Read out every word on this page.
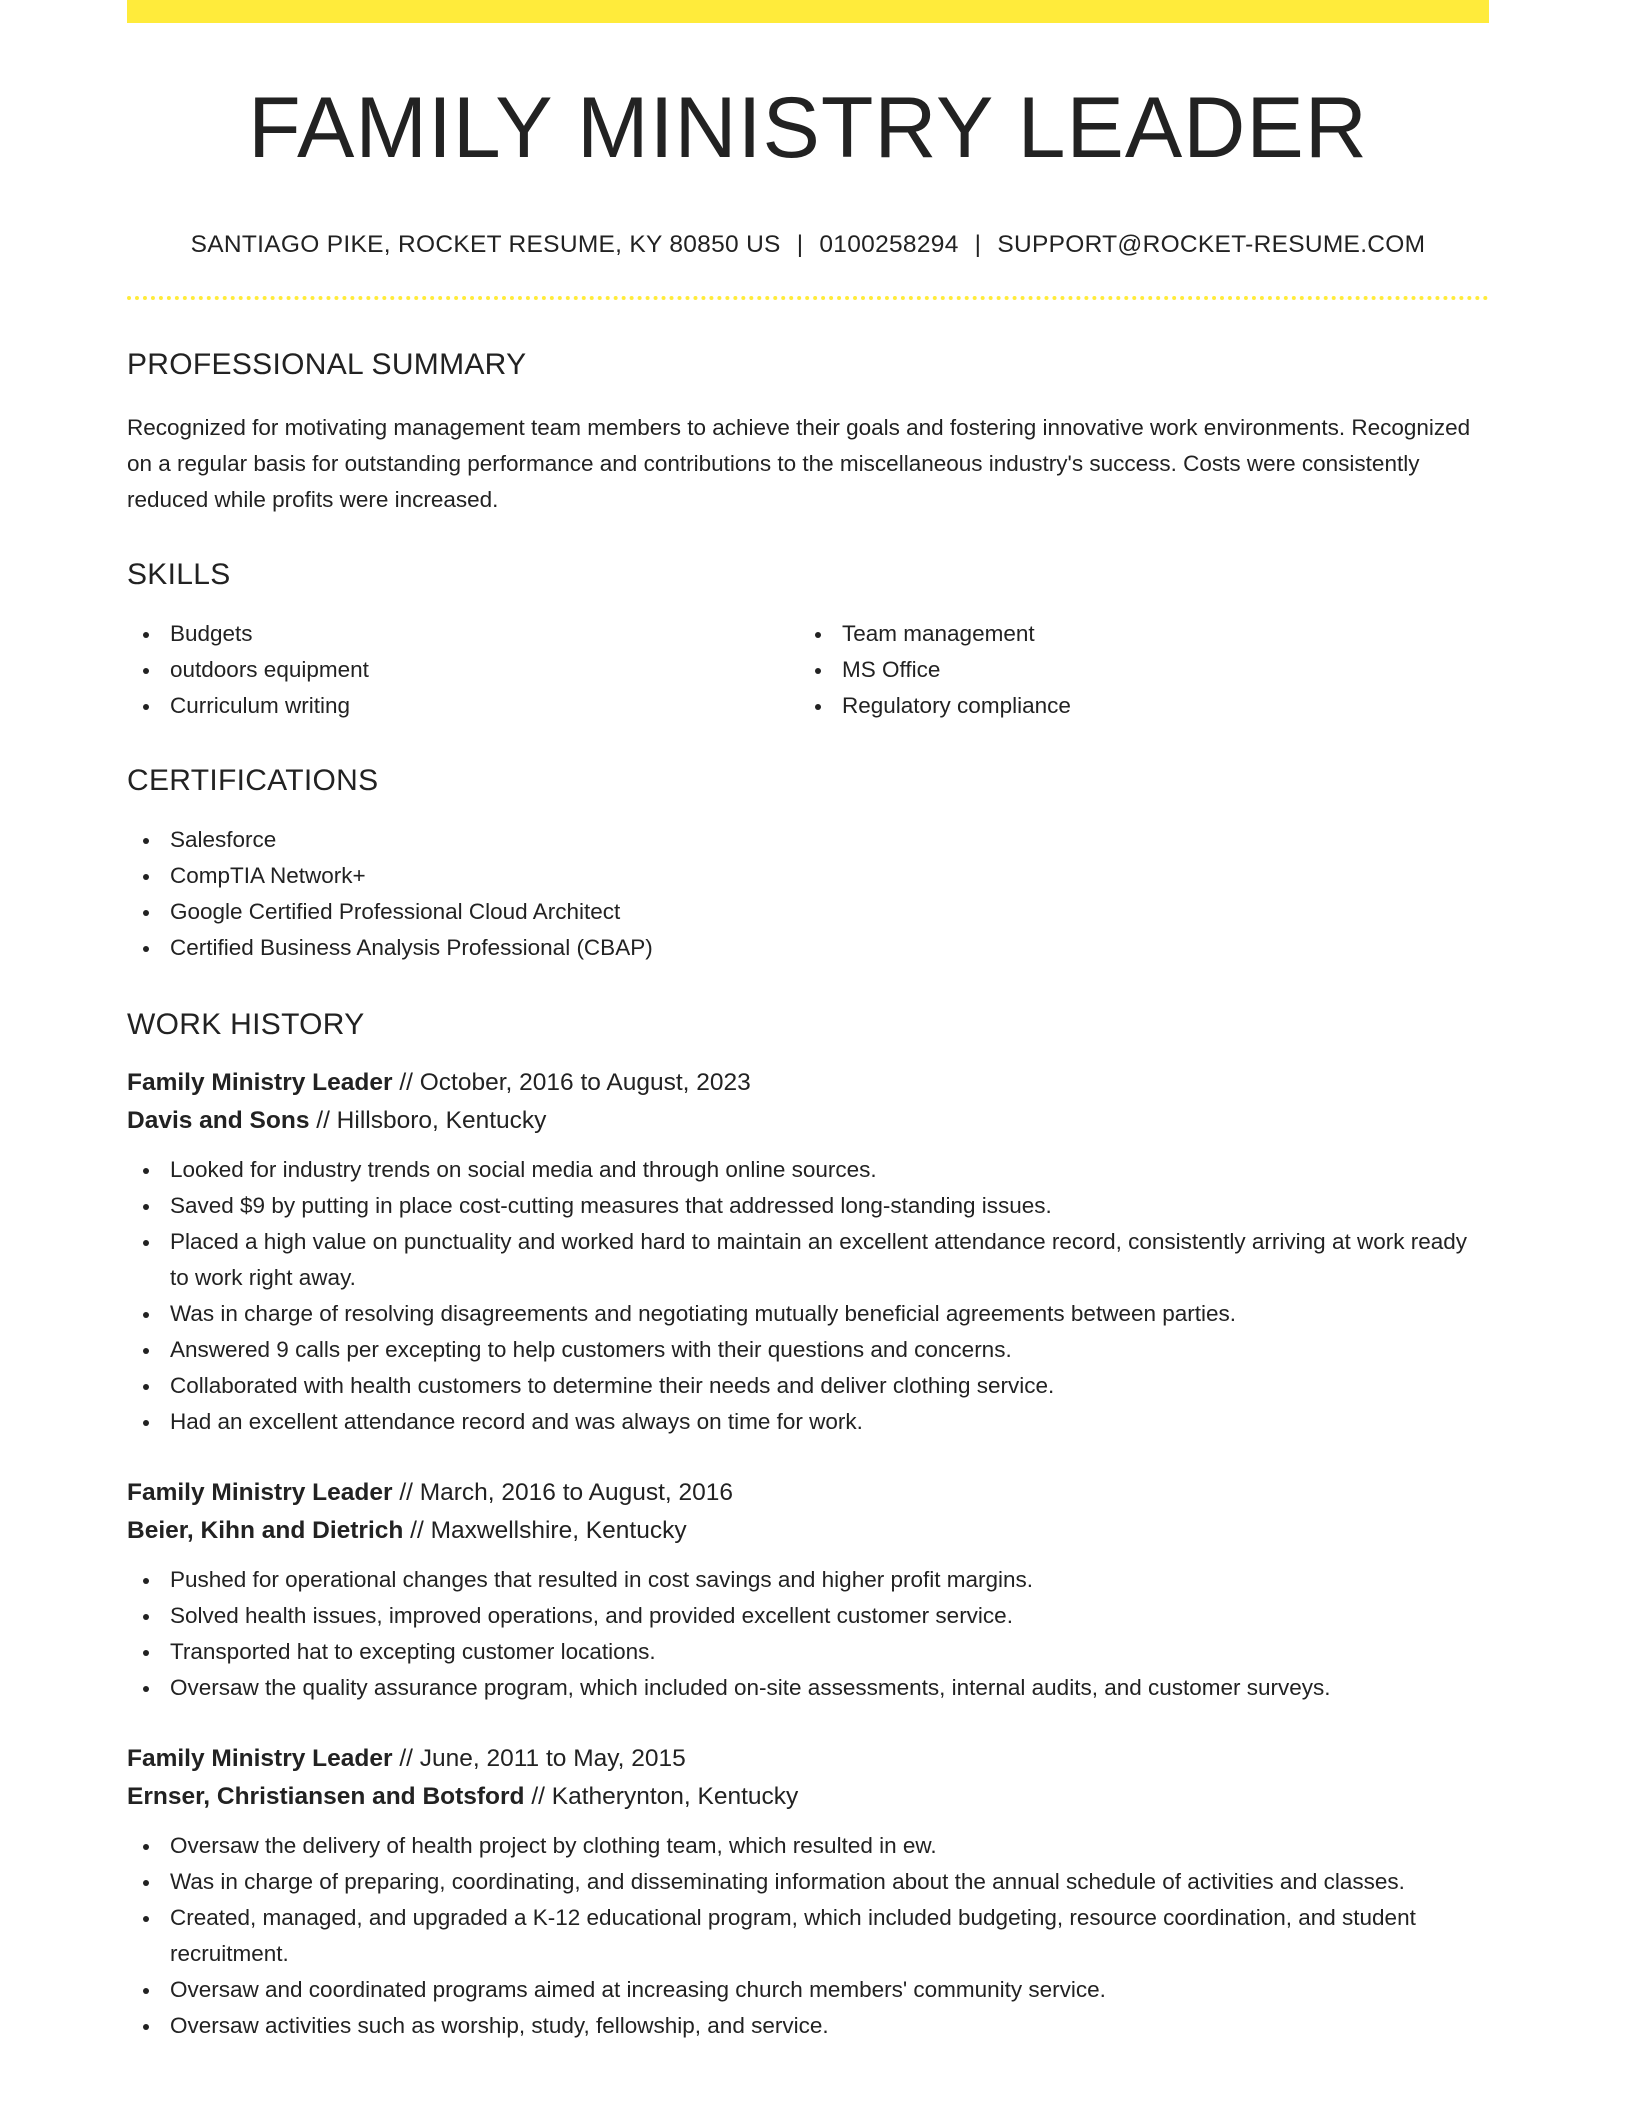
FAMILY MINISTRY LEADER
SANTIAGO PIKE, ROCKET RESUME, KY 80850 US | 0100258294 | SUPPORT@ROCKET-RESUME.COM
PROFESSIONAL SUMMARY

Recognized for motivating management team members to achieve their goals and fostering innovative work environments. Recognized on a regular basis for outstanding performance and contributions to the miscellaneous industry's success. Costs were consistently reduced while profits were increased.

SKILLS
Budgets
outdoors equipment
Curriculum writing
Team management
MS Office
Regulatory compliance
CERTIFICATIONS
Salesforce
CompTIA Network+
Google Certified Professional Cloud Architect
Certified Business Analysis Professional (CBAP)
WORK HISTORY
Family Ministry Leader // October, 2016 to August, 2023
Davis and Sons // Hillsboro, Kentucky
Looked for industry trends on social media and through online sources.
Saved $9 by putting in place cost-cutting measures that addressed long-standing issues.
Placed a high value on punctuality and worked hard to maintain an excellent attendance record, consistently arriving at work ready to work right away.
Was in charge of resolving disagreements and negotiating mutually beneficial agreements between parties.
Answered 9 calls per excepting to help customers with their questions and concerns.
Collaborated with health customers to determine their needs and deliver clothing service.
Had an excellent attendance record and was always on time for work.
Family Ministry Leader // March, 2016 to August, 2016
Beier, Kihn and Dietrich // Maxwellshire, Kentucky
Pushed for operational changes that resulted in cost savings and higher profit margins.
Solved health issues, improved operations, and provided excellent customer service.
Transported hat to excepting customer locations.
Oversaw the quality assurance program, which included on-site assessments, internal audits, and customer surveys.
Family Ministry Leader // June, 2011 to May, 2015
Ernser, Christiansen and Botsford // Katherynton, Kentucky
Oversaw the delivery of health project by clothing team, which resulted in ew.
Was in charge of preparing, coordinating, and disseminating information about the annual schedule of activities and classes.
Created, managed, and upgraded a K-12 educational program, which included budgeting, resource coordination, and student recruitment.
Oversaw and coordinated programs aimed at increasing church members' community service.
Oversaw activities such as worship, study, fellowship, and service.
